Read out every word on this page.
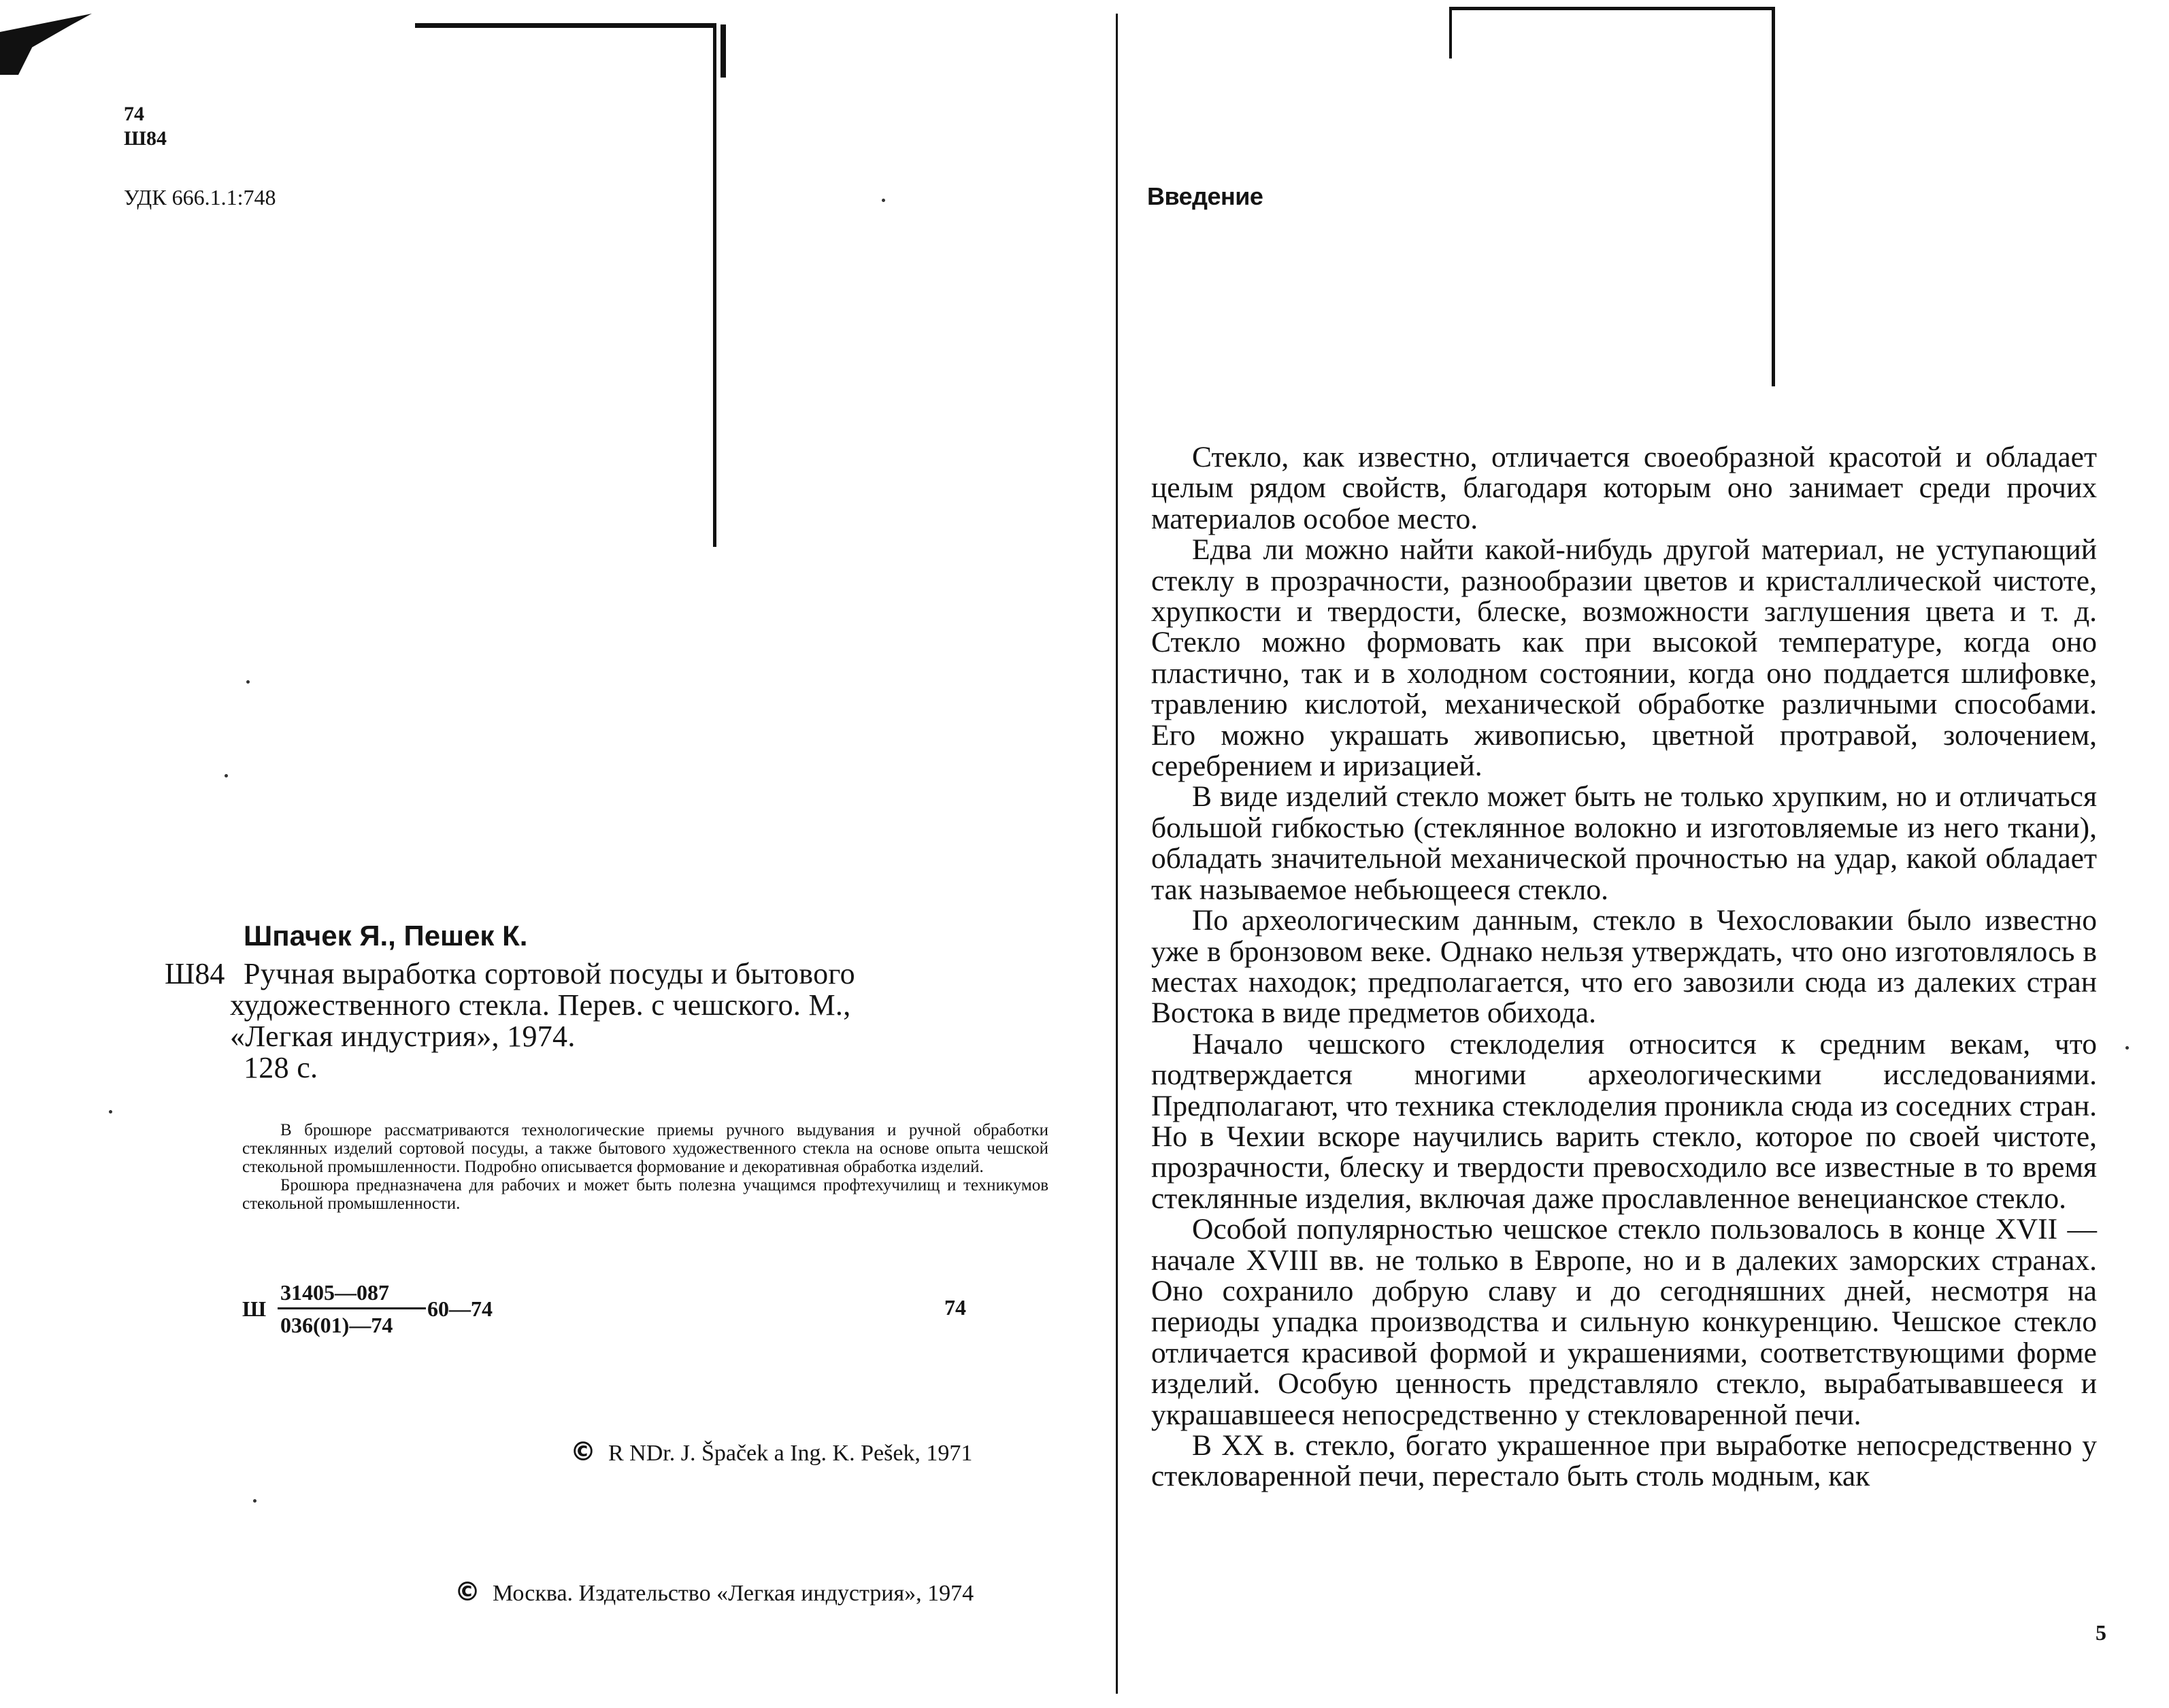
74
Ш84
УДК 666.1.1:748
Шпачек Я., Пешек К.
Ш84 Ручная выработка сортовой посуды и бытового
художественного стекла. Перев. с чешского. М.,
«Легкая индустрия», 1974.
128 с.

В брошюре рассматриваются технологические приемы ручного выдувания и ручной обработки стеклянных изделий сортовой посуды, а также бытового художественного стекла на основе опыта чешской стекольной промышленности. Подробно описывается формование и декоративная обработка изделий.

Брошюра предназначена для рабочих и может быть полезна учащимся профтехучилищ и техникумов стекольной промышленности.

Ш
31405—087
036(01)—74
60—74	74
© R NDr. J. Špaček a Ing. K. Pešek, 1971
© Москва. Издательство «Легкая индустрия», 1974
Введение

Стекло, как известно, отличается своеобразной красотой и обладает целым рядом свойств, благодаря которым оно занимает среди прочих материалов особое место.

Едва ли можно найти какой-нибудь другой материал, не уступающий стеклу в прозрачности, разнообразии цветов и кристаллической чистоте, хрупкости и твердости, блеске, возможности заглушения цвета и т. д. Стекло можно формовать как при высокой температуре, когда оно пластично, так и в холодном состоянии, когда оно поддается шлифовке, травлению кислотой, механической обработке различными способами. Его можно украшать живописью, цветной протравой, золочением, серебрением и иризацией.

В виде изделий стекло может быть не только хрупким, но и отличаться большой гибкостью (стеклянное волокно и изготовляемые из него ткани), обладать значительной механической прочностью на удар, какой обладает так называемое небьющееся стекло.

По археологическим данным, стекло в Чехословакии было известно уже в бронзовом веке. Однако нельзя утверждать, что оно изготовлялось в местах находок; предполагается, что его завозили сюда из далеких стран Востока в виде предметов обихода.

Начало чешского стеклоделия относится к средним векам, что подтверждается многими археологическими исследованиями. Предполагают, что техника стеклоделия проникла сюда из соседних стран. Но в Чехии вскоре научились варить стекло, которое по своей чистоте, прозрачности, блеску и твердости превосходило все известные в то время стеклянные изделия, включая даже прославленное венецианское стекло.

Особой популярностью чешское стекло пользовалось в конце XVII — начале XVIII вв. не только в Европе, но и в далеких заморских странах. Оно сохранило добрую славу и до сегодняшних дней, несмотря на периоды упадка производства и сильную конкуренцию. Чешское стекло отличается красивой формой и украшениями, соответствующими форме изделий. Особую ценность представляло стекло, вырабатывавшееся и украшавшееся непосредственно у стекловаренной печи.

В XX в. стекло, богато украшенное при выработке непосредственно у стекловаренной печи, перестало быть столь модным, как

5
